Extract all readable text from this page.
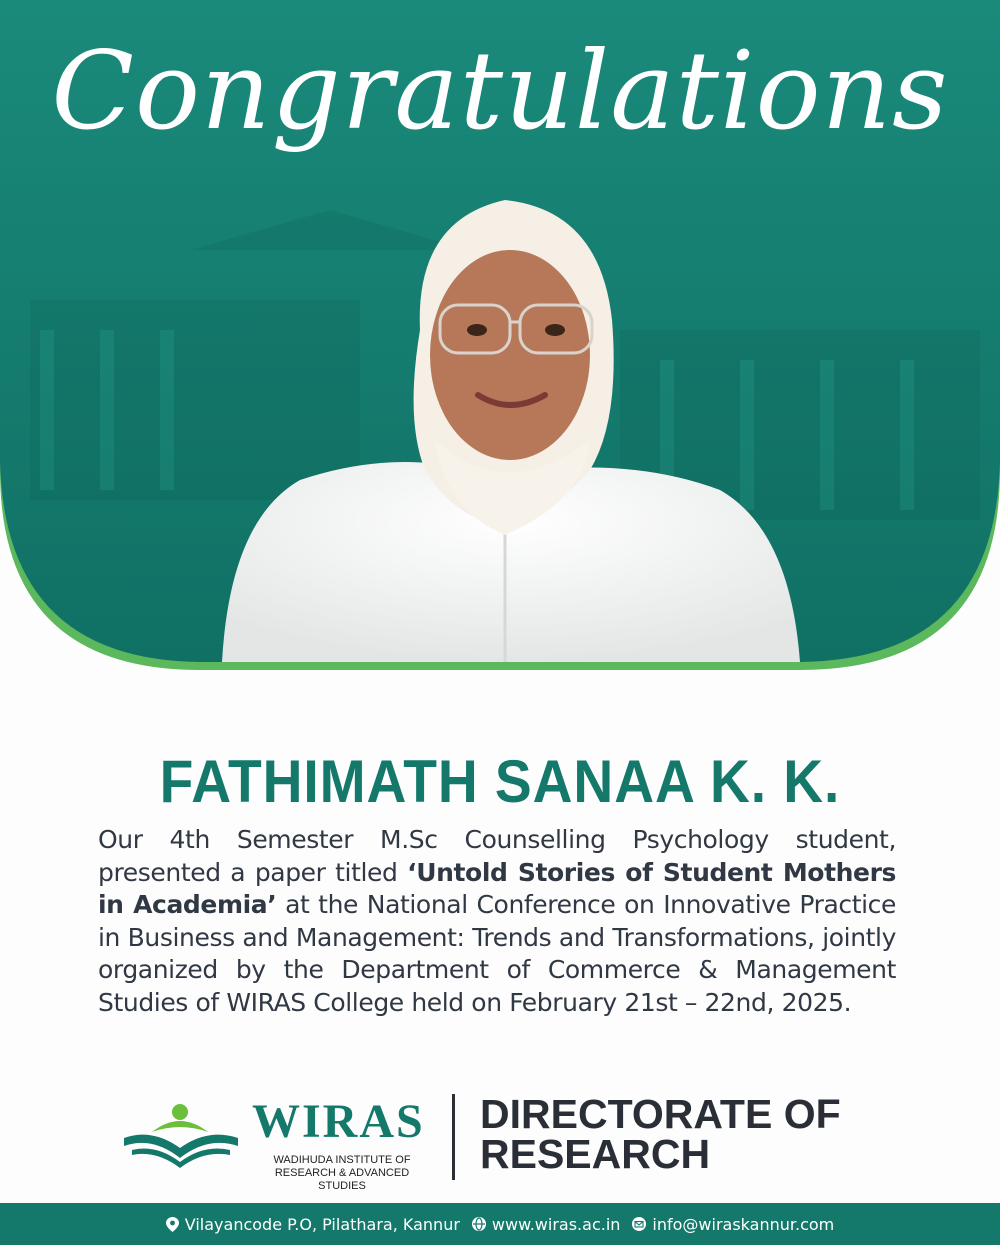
Congratulations
FATHIMATH SANAA K. K.
Our 4th Semester M.Sc Counselling Psychology student, presented a paper titled ‘Untold Stories of Student Mothers in Academia’ at the National Conference on Innovative Practice in Business and Management: Trends and Transformations, jointly organized by the Department of Commerce & Management Studies of WIRAS College held on February 21st – 22nd, 2025.
WIRAS
WADIHUDA INSTITUTE OF
RESEARCH & ADVANCED STUDIES
DIRECTORATE OF
RESEARCH
Vilayancode P.O, Pilathara, Kannur www.wiras.ac.in info@wiraskannur.com
